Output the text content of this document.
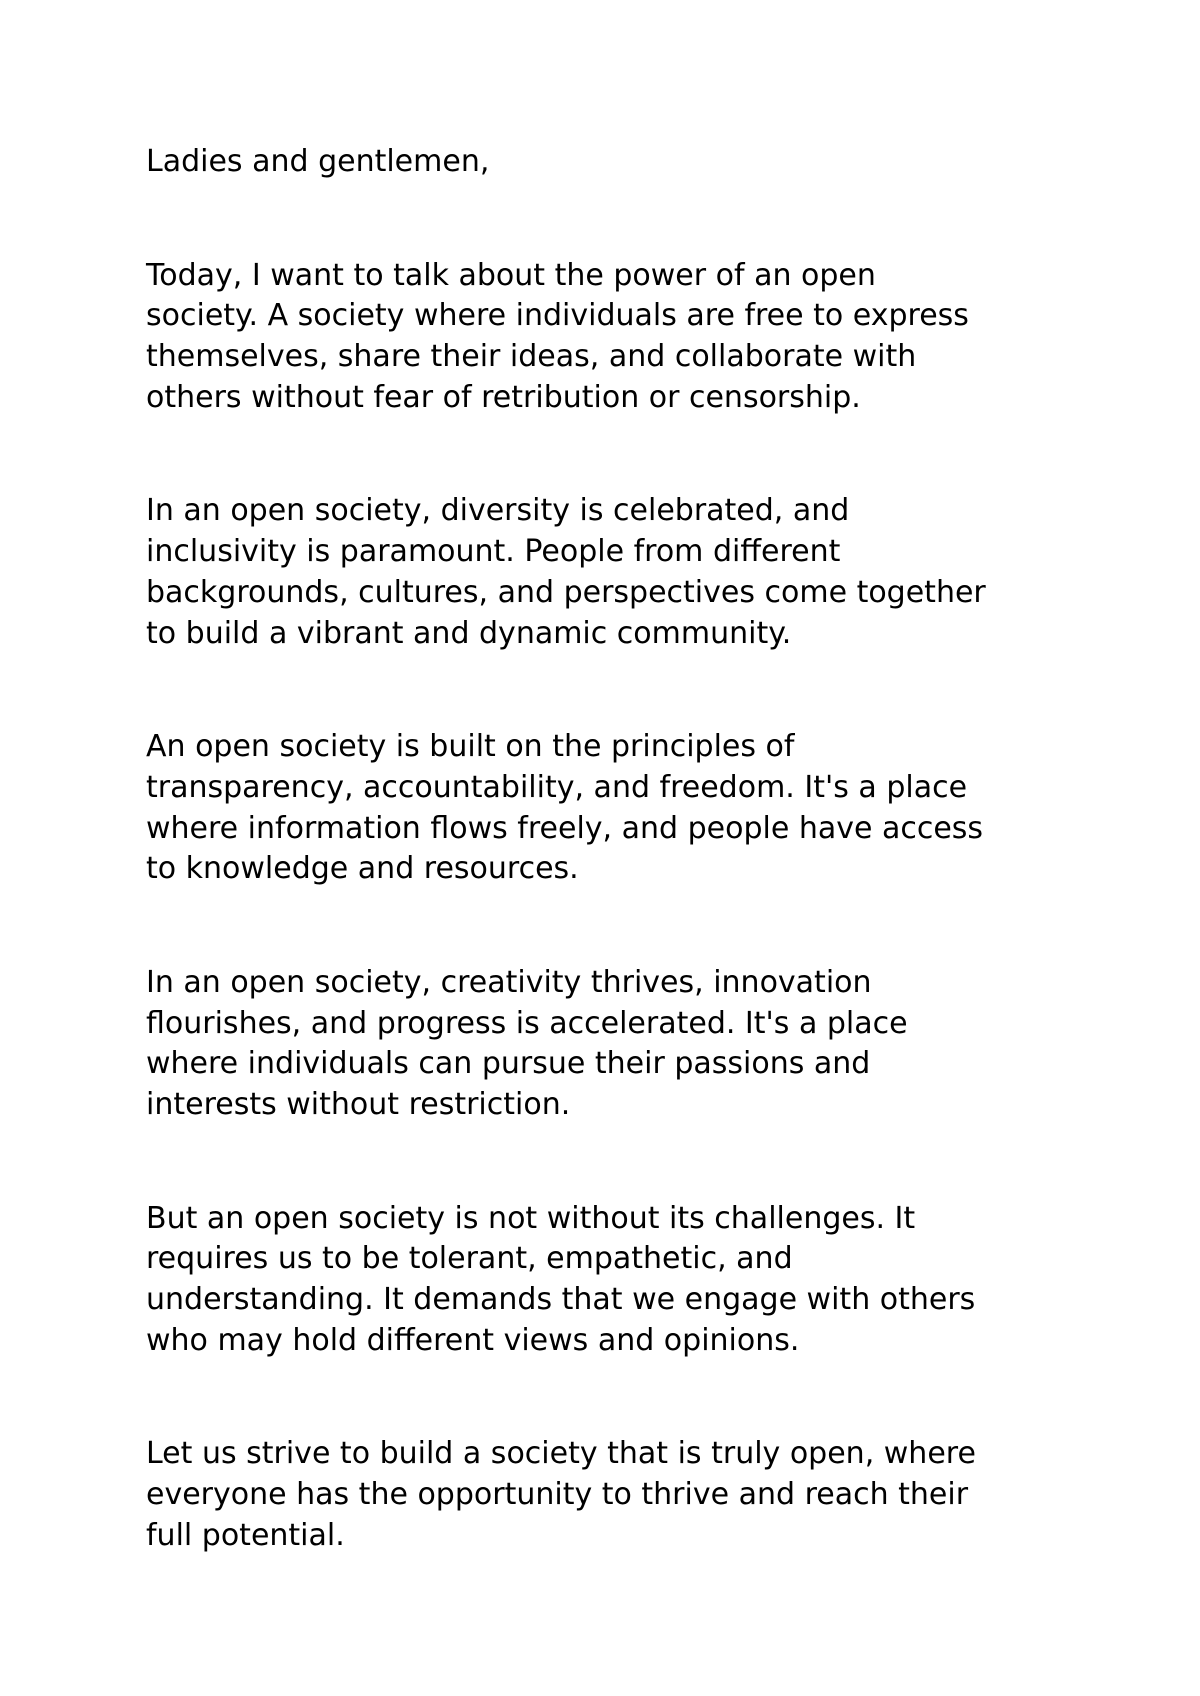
Ladies and gentlemen,
Today, I want to talk about the power of an open
society. A society where individuals are free to express
themselves, share their ideas, and collaborate with
others without fear of retribution or censorship.
In an open society, diversity is celebrated, and
inclusivity is paramount. People from different
backgrounds, cultures, and perspectives come together
to build a vibrant and dynamic community.
An open society is built on the principles of
transparency, accountability, and freedom. It's a place
where information flows freely, and people have access
to knowledge and resources.
In an open society, creativity thrives, innovation
flourishes, and progress is accelerated. It's a place
where individuals can pursue their passions and
interests without restriction.
But an open society is not without its challenges. It
requires us to be tolerant, empathetic, and
understanding. It demands that we engage with others
who may hold different views and opinions.
Let us strive to build a society that is truly open, where
everyone has the opportunity to thrive and reach their
full potential.
